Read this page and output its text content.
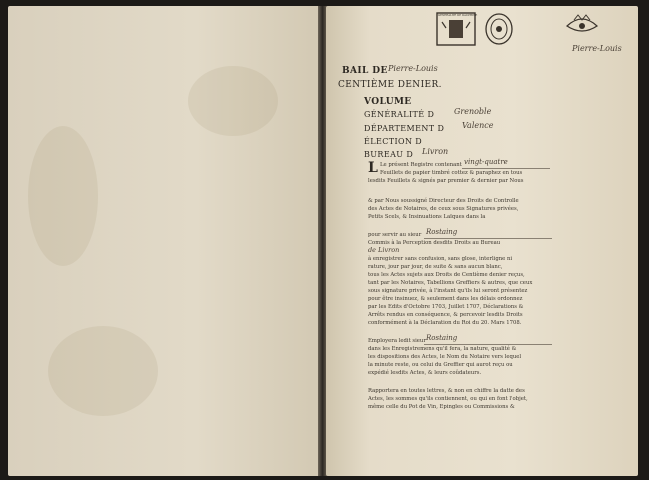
GENERALITE DE DAUPHINE
Pierre-Louis
BAIL DE Pierre-Louis
CENTIÈME DENIER.
VOLUME
GÉNÉRALITÉ D Grenoble
DÉPARTEMENT D Valence
ÉLECTION D
BUREAU D Livron
L Le présent Registre contenant vingt-quatre
Feuillets de papier timbré cottez & paraphez en tous
lesdits Feuillets & signés par premier & dernier par Nous
& par Nous soussigné Directeur des Droits de Controlle
des Actes de Notaires, de ceux sous Signatures privées,
Petits Scels, & Insinuations Laïques dans la
pour servir au sieur Rostaing
Commis à la Perception desdits Droits au Bureau
de Livron
à enregistrer sans confusion, sans glose, interligne ni
rature, jour par jour, de suite & sans aucun blanc,
tous les Actes sujets aux Droits de Centième denier reçus,
tant par les Notaires, Tabellions Greffiers & autres, que ceux
sous signature privée, à l'instant qu'ils lui seront présentez
pour être insinuez, & seulement dans les délais ordonnez
par les Edits d'Octobre 1703, Juillet 1707, Déclarations &
Arrêts rendus en conséquence, & percevoir lesdits Droits
conformément à la Déclaration du Roi du 20. Mars 1708.
Employera ledit sieur Rostaing
dans les Enregistremens qu'il fera, la nature, qualité &
les dispositions des Actes, le Nom du Notaire vers lequel
la minute reste, ou celui du Greffier qui aurot reçu ou
expédié lesdits Actes, & leurs coûdateurs.
Rapportera en toutes lettres, & non en chiffre la datte des
Actes, les sommes qu'ils contiennent, ou qui en font l'objet,
même celle du Pot de Vin, Epingles ou Commissions &
